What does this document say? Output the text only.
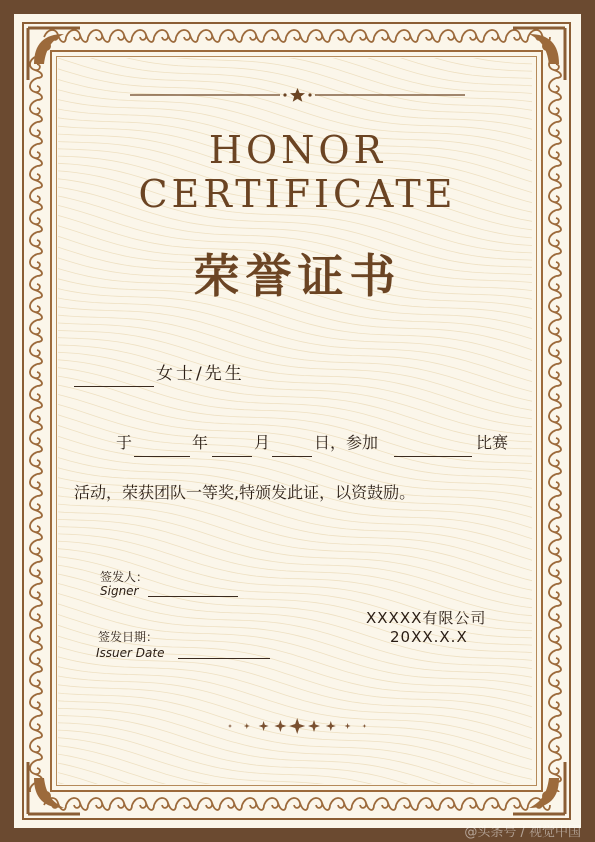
HONOR
CERTIFICATE
荣誉证书
女士/先生
于	年	月	日，参加	比赛
活动，荣获团队一等奖,特颁发此证，以资鼓励。
签发人：
Signer
签发日期：
Issuer Date
XXXXX有限公司
20XX.X.X
@头条号 / 视觉中国
